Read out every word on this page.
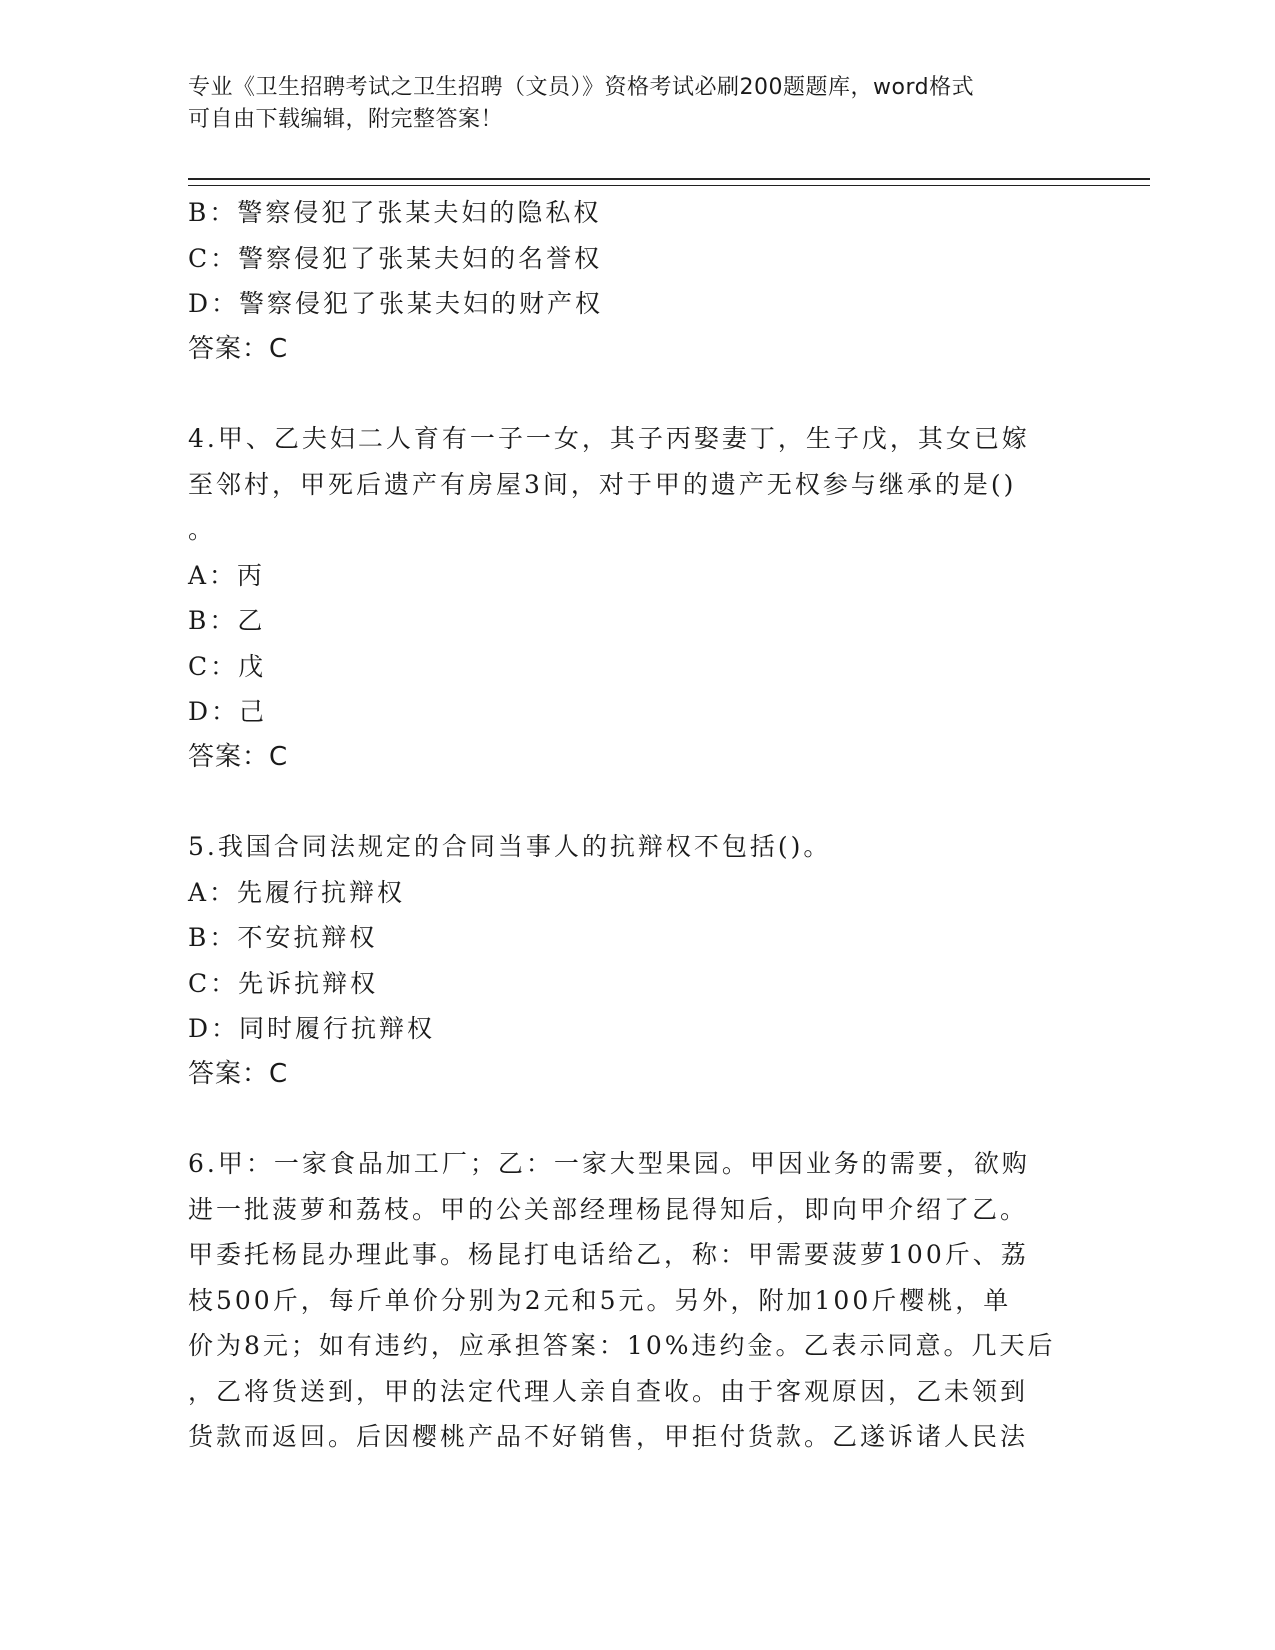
专业《卫生招聘考试之卫生招聘（文员）》资格考试必刷200题题库，word格式
可自由下载编辑，附完整答案！
B：警察侵犯了张某夫妇的隐私权
C：警察侵犯了张某夫妇的名誉权
D：警察侵犯了张某夫妇的财产权
答案：C
4.甲、乙夫妇二人育有一子一女，其子丙娶妻丁，生子戊，其女已嫁
至邻村，甲死后遗产有房屋3间，对于甲的遗产无权参与继承的是()
。
A：丙
B：乙
C：戊
D：己
答案：C
5.我国合同法规定的合同当事人的抗辩权不包括()。
A：先履行抗辩权
B：不安抗辩权
C：先诉抗辩权
D：同时履行抗辩权
答案：C
6.甲：一家食品加工厂；乙：一家大型果园。甲因业务的需要，欲购
进一批菠萝和荔枝。甲的公关部经理杨昆得知后，即向甲介绍了乙。
甲委托杨昆办理此事。杨昆打电话给乙，称：甲需要菠萝100斤、荔
枝500斤，每斤单价分别为2元和5元。另外，附加100斤樱桃，单
价为8元；如有违约，应承担答案：10%违约金。乙表示同意。几天后
，乙将货送到，甲的法定代理人亲自查收。由于客观原因，乙未领到
货款而返回。后因樱桃产品不好销售，甲拒付货款。乙遂诉诸人民法
